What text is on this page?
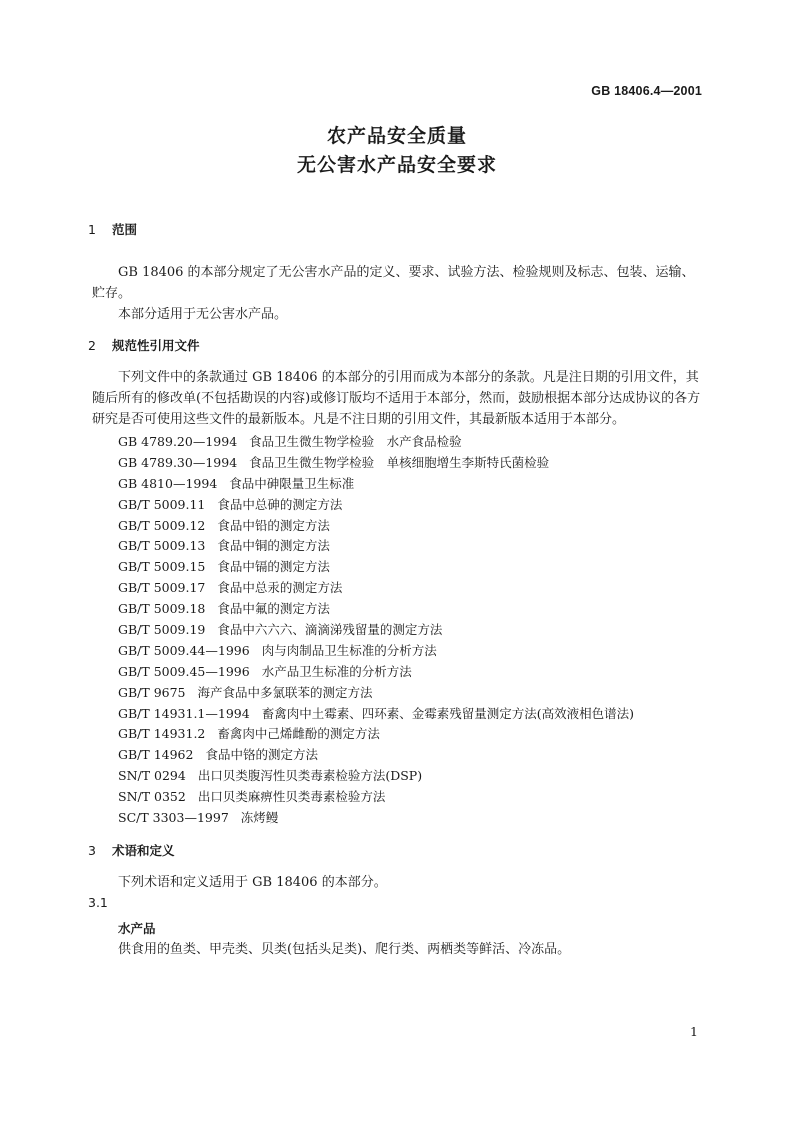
GB 18406.4—2001
农产品安全质量
无公害水产品安全要求
1 范围

GB 18406 的本部分规定了无公害水产品的定义、要求、试验方法、检验规则及标志、包装、运输、贮存。

本部分适用于无公害水产品。

2 规范性引用文件

下列文件中的条款通过 GB 18406 的本部分的引用而成为本部分的条款。凡是注日期的引用文件，其随后所有的修改单(不包括勘误的内容)或修订版均不适用于本部分，然而，鼓励根据本部分达成协议的各方研究是否可使用这些文件的最新版本。凡是不注日期的引用文件，其最新版本适用于本部分。

GB 4789.20—1994 食品卫生微生物学检验　水产食品检验
GB 4789.30—1994 食品卫生微生物学检验　单核细胞增生李斯特氏菌检验
GB 4810—1994 食品中砷限量卫生标准
GB/T 5009.11 食品中总砷的测定方法
GB/T 5009.12 食品中铅的测定方法
GB/T 5009.13 食品中铜的测定方法
GB/T 5009.15 食品中镉的测定方法
GB/T 5009.17 食品中总汞的测定方法
GB/T 5009.18 食品中氟的测定方法
GB/T 5009.19 食品中六六六、滴滴涕残留量的测定方法
GB/T 5009.44—1996 肉与肉制品卫生标准的分析方法
GB/T 5009.45—1996 水产品卫生标准的分析方法
GB/T 9675 海产食品中多氯联苯的测定方法
GB/T 14931.1—1994 畜禽肉中土霉素、四环素、金霉素残留量测定方法(高效液相色谱法)
GB/T 14931.2 畜禽肉中己烯雌酚的测定方法
GB/T 14962 食品中铬的测定方法
SN/T 0294 出口贝类腹泻性贝类毒素检验方法(DSP)
SN/T 0352 出口贝类麻痹性贝类毒素检验方法
SC/T 3303—1997 冻烤鳗
3 术语和定义

下列术语和定义适用于 GB 18406 的本部分。

3.1
水产品

供食用的鱼类、甲壳类、贝类(包括头足类)、爬行类、两栖类等鲜活、冷冻品。

1
